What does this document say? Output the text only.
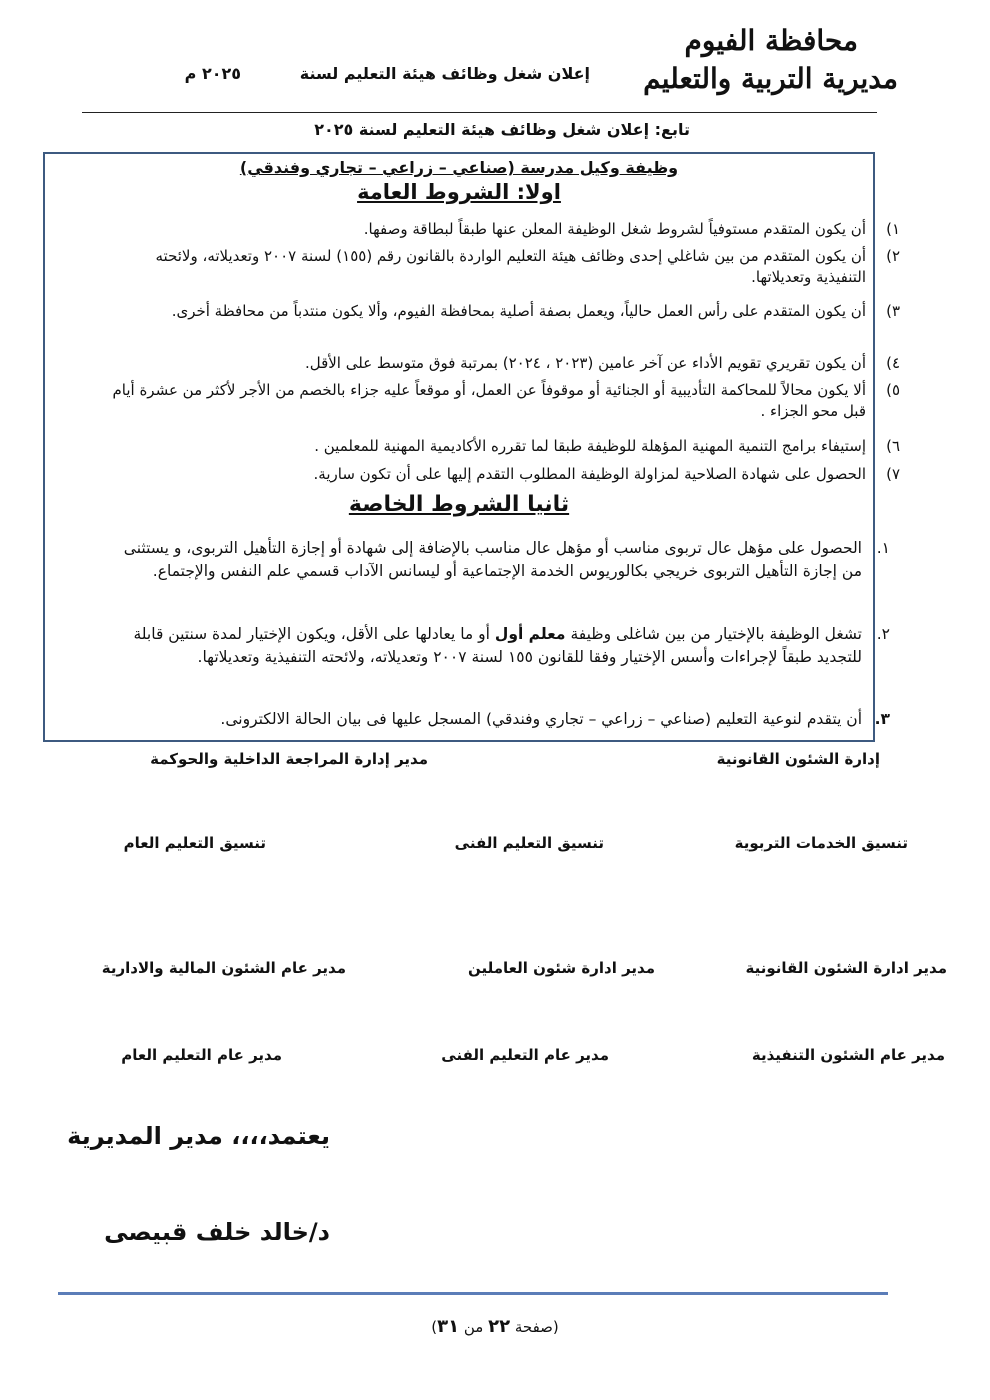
محافظة الفيوم
مديرية التربية والتعليم
إعلان شغل وظائف هيئة التعليم لسنة
٢٠٢٥ م
تابع: إعلان شغل وظائف هيئة التعليم لسنة ٢٠٢٥
وظيفة وكيل مدرسة (صناعي – زراعي – تجاري وفندقي)
اولا: الشروط العامة
١)
أن يكون المتقدم مستوفياً لشروط شغل الوظيفة المعلن عنها طبقاً لبطاقة وصفها.
٢)
أن يكون المتقدم من بين شاغلي إحدى وظائف هيئة التعليم الواردة بالقانون رقم (١٥٥) لسنة ٢٠٠٧ وتعديلاته، ولائحته التنفيذية وتعديلاتها.
٣)
أن يكون المتقدم على رأس العمل حالياً، ويعمل بصفة أصلية بمحافظة الفيوم، وألا يكون منتدباً من محافظة أخرى.
٤)
أن يكون تقريري تقويم الأداء عن آخر عامين (٢٠٢٣ ، ٢٠٢٤) بمرتبة فوق متوسط على الأقل.
٥)
ألا يكون محالاً للمحاكمة التأديبية أو الجنائية أو موقوفاً عن العمل، أو موقعاً عليه جزاء بالخصم من الأجر لأكثر من عشرة أيام قبل محو الجزاء .
٦)
إستيفاء برامج التنمية المهنية المؤهلة للوظيفة طبقا لما تقرره الأكاديمية المهنية للمعلمين .
٧)
الحصول على شهادة الصلاحية لمزاولة الوظيفة المطلوب التقدم إليها على أن تكون سارية.
ثانيا الشروط الخاصة
١.
الحصول على مؤهل عال تربوى مناسب أو مؤهل عال مناسب بالإضافة إلى شهادة أو إجازة التأهيل التربوى، و يستثنى من إجازة التأهيل التربوى خريجي بكالوريوس الخدمة الإجتماعية أو ليسانس الآداب قسمي علم النفس والإجتماع.
٢.
تشغل الوظيفة بالإختيار من بين شاغلى وظيفة معلم أول أو ما يعادلها على الأقل، ويكون الإختيار لمدة سنتين قابلة للتجديد طبقاً لإجراءات وأسس الإختيار وفقا للقانون ١٥٥ لسنة ٢٠٠٧ وتعديلاته، ولائحته التنفيذية وتعديلاتها.
٣.
أن يتقدم لنوعية التعليم (صناعي – زراعي – تجاري وفندقي) المسجل عليها فى بيان الحالة الالكترونى.
إدارة الشئون القانونية
مدير إدارة المراجعة الداخلية والحوكمة
تنسيق الخدمات التربوية
تنسيق التعليم الفنى
تنسيق التعليم العام
مدير ادارة الشئون القانونية
مدير ادارة شئون العاملين
مدير عام الشئون المالية والادارية
مدير عام الشئون التنفيذية
مدير عام التعليم الفنى
مدير عام التعليم العام
يعتمد،،،، مدير المديرية
د/خالد خلف قبيصى
(صفحة ٢٢ من ٣١)
